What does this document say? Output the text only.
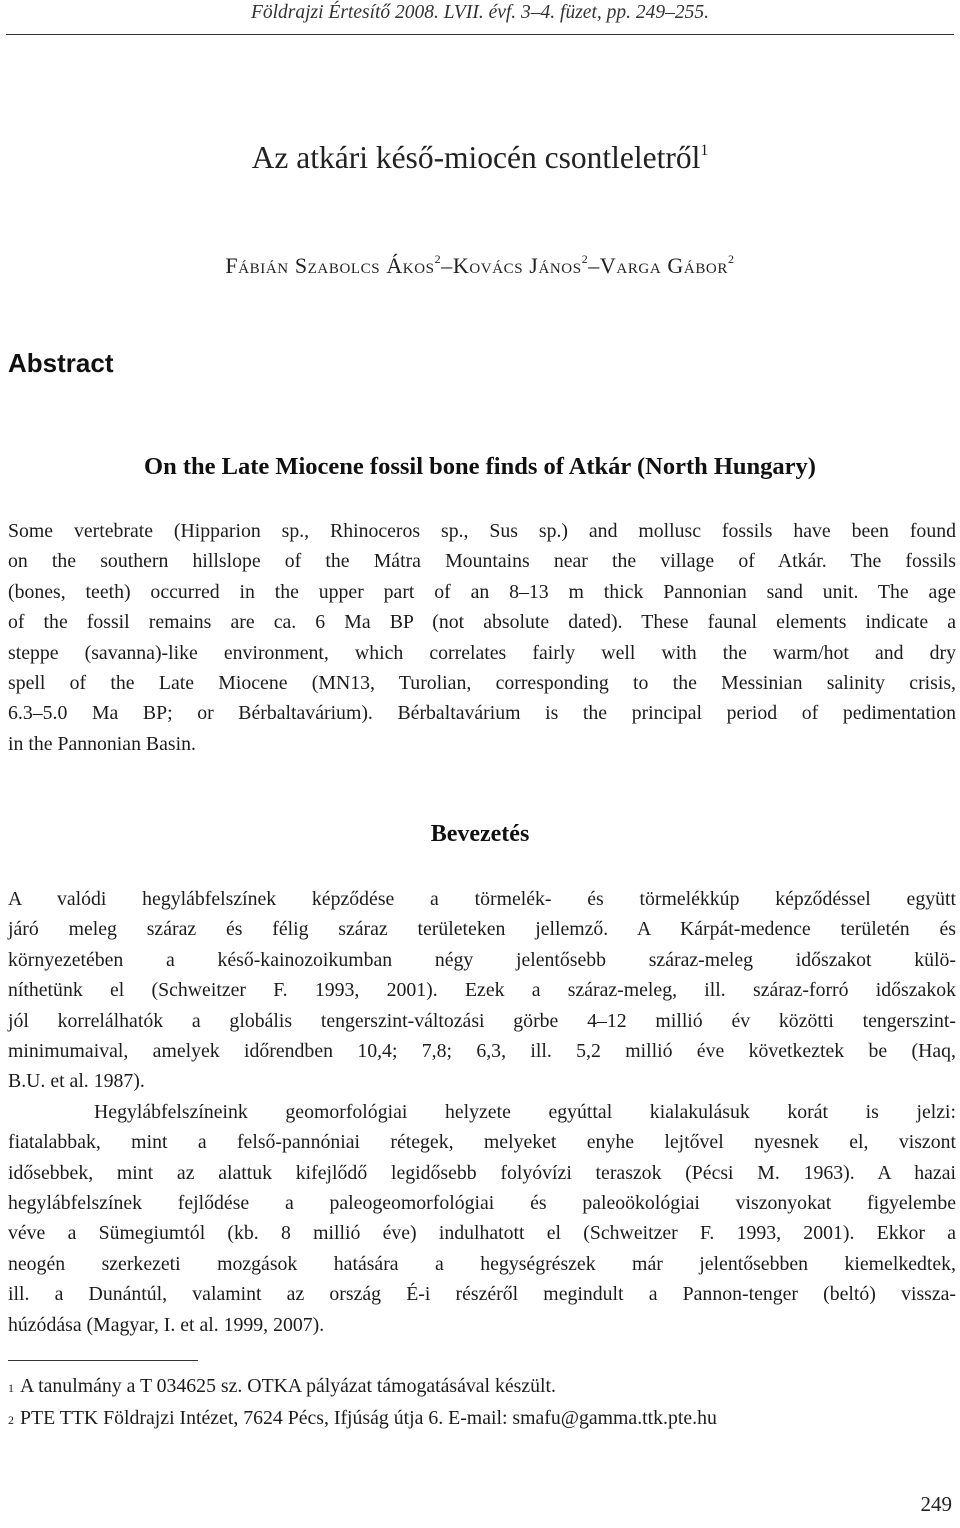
Földrajzi Értesítő 2008. LVII. évf. 3–4. füzet, pp. 249–255.
Az atkári késő-miocén csontleletről$^1$
Fábián Szabolcs Ákos$^2$–Kovács János$^2$–Varga Gábor$^2$
Abstract
On the Late Miocene fossil bone finds of Atkár (North Hungary)
Some vertebrate (Hipparion sp., Rhinoceros sp., Sus sp.) and mollusc fossils have been found
on the southern hillslope of the Mátra Mountains near the village of Atkár. The fossils
(bones, teeth) occurred in the upper part of an 8–13 m thick Pannonian sand unit. The age
of the fossil remains are ca. 6 Ma BP (not absolute dated). These faunal elements indicate a
steppe (savanna)-like environment, which correlates fairly well with the warm/hot and dry
spell of the Late Miocene (MN13, Turolian, corresponding to the Messinian salinity crisis,
6.3–5.0 Ma BP; or Bérbaltavárium). Bérbaltavárium is the principal period of pedimentation
in the Pannonian Basin.
Bevezetés
A valódi hegylábfelszínek képződése a törmelék- és törmelékkúp képződéssel együtt
járó meleg száraz és félig száraz területeken jellemző. A Kárpát-medence területén és
környezetében a késő-kainozoikumban négy jelentősebb száraz-meleg időszakot külö-
níthetünk el (Schweitzer F. 1993, 2001). Ezek a száraz-meleg, ill. száraz-forró időszakok
jól korrelálhatók a globális tengerszint-változási görbe 4–12 millió év közötti tengerszint-
minimumaival, amelyek időrendben 10,4; 7,8; 6,3, ill. 5,2 millió éve következtek be (Haq,
B.U. et al. 1987).
Hegylábfelszíneink geomorfológiai helyzete egyúttal kialakulásuk korát is jelzi:
fiatalabbak, mint a felső-pannóniai rétegek, melyeket enyhe lejtővel nyesnek el, viszont
idősebbek, mint az alattuk kifejlődő legidősebb folyóvízi teraszok (Pécsi M. 1963). A hazai
hegylábfelszínek fejlődése a paleogeomorfológiai és paleoökológiai viszonyokat figyelembe
véve a Sümegiumtól (kb. 8 millió éve) indulhatott el (Schweitzer F. 1993, 2001). Ekkor a
neogén szerkezeti mozgások hatására a hegységrészek már jelentősebben kiemelkedtek,
ill. a Dunántúl, valamint az ország É-i részéről megindult a Pannon-tenger (beltó) vissza-
húzódása (Magyar, I. et al. 1999, 2007).
$^1$ A tanulmány a T 034625 sz. OTKA pályázat támogatásával készült.
$^2$ PTE TTK Földrajzi Intézet, 7624 Pécs, Ifjúság útja 6. E-mail: smafu@gamma.ttk.pte.hu
249
